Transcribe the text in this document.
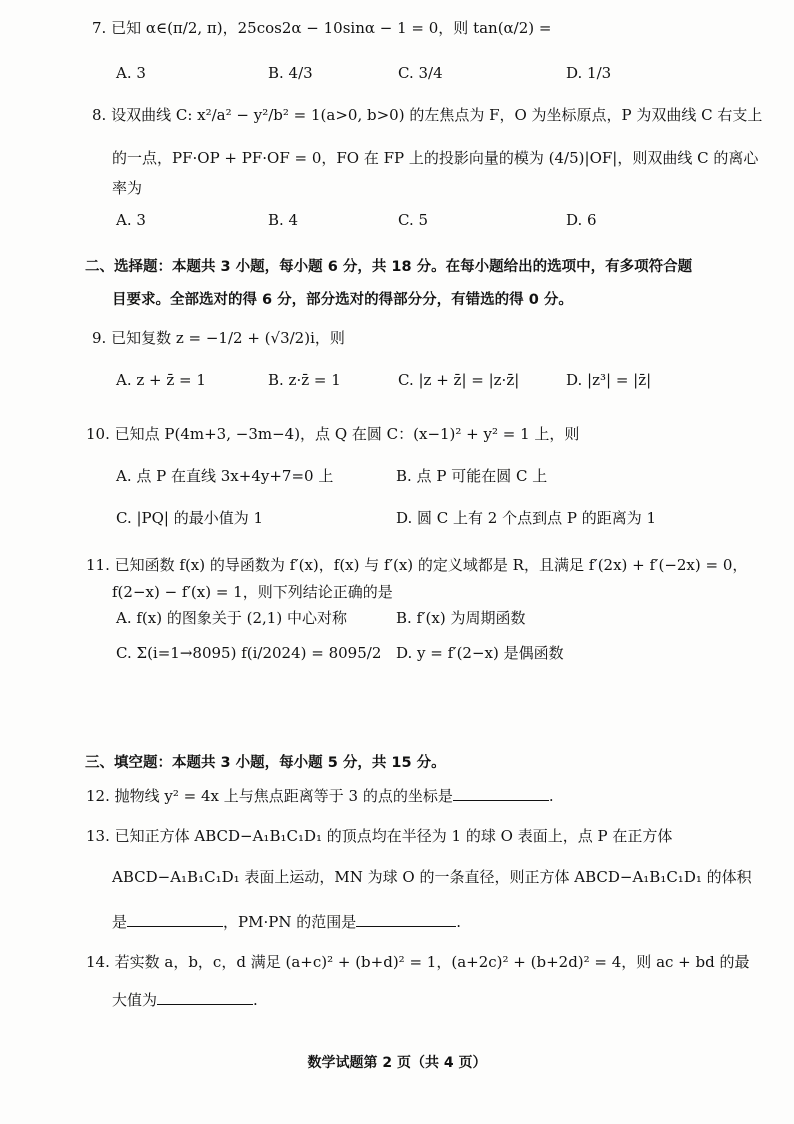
7. 已知 α∈(π/2, π)，25cos2α − 10sinα − 1 = 0，则 tan(α/2) =
A. 3	B. 4/3	C. 3/4	D. 1/3
8. 设双曲线 C: x²/a² − y²/b² = 1(a>0, b>0) 的左焦点为 F，O 为坐标原点，P 为双曲线 C 右支上
的一点，PF·OP + PF·OF = 0，FO 在 FP 上的投影向量的模为 (4/5)|OF|，则双曲线 C 的离心
率为
A. 3	B. 4	C. 5	D. 6
二、选择题：本题共 3 小题，每小题 6 分，共 18 分。在每小题给出的选项中，有多项符合题
目要求。全部选对的得 6 分，部分选对的得部分分，有错选的得 0 分。
9. 已知复数 z = −1/2 + (√3/2)i，则
A. z + z̄ = 1	B. z·z̄ = 1	C. |z + z̄| = |z·z̄|	D. |z³| = |z̄|
10. 已知点 P(4m+3, −3m−4)，点 Q 在圆 C：(x−1)² + y² = 1 上，则
A. 点 P 在直线 3x+4y+7=0 上	B. 点 P 可能在圆 C 上
C. |PQ| 的最小值为 1	D. 圆 C 上有 2 个点到点 P 的距离为 1
11. 已知函数 f(x) 的导函数为 f′(x)，f(x) 与 f′(x) 的定义域都是 R，且满足 f′(2x) + f′(−2x) = 0，
f(2−x) − f′(x) = 1，则下列结论正确的是
A. f(x) 的图象关于 (2,1) 中心对称	B. f′(x) 为周期函数
C. Σ(i=1→8095) f(i/2024) = 8095/2 D. y = f′(2−x) 是偶函数
三、填空题：本题共 3 小题，每小题 5 分，共 15 分。
12. 抛物线 y² = 4x 上与焦点距离等于 3 的点的坐标是	.
13. 已知正方体 ABCD−A₁B₁C₁D₁ 的顶点均在半径为 1 的球 O 表面上，点 P 在正方体
ABCD−A₁B₁C₁D₁ 表面上运动，MN 为球 O 的一条直径，则正方体 ABCD−A₁B₁C₁D₁ 的体积
是	，PM·PN 的范围是	.
14. 若实数 a，b，c，d 满足 (a+c)² + (b+d)² = 1，(a+2c)² + (b+2d)² = 4，则 ac + bd 的最
大值为	.
数学试题第 2 页（共 4 页）
